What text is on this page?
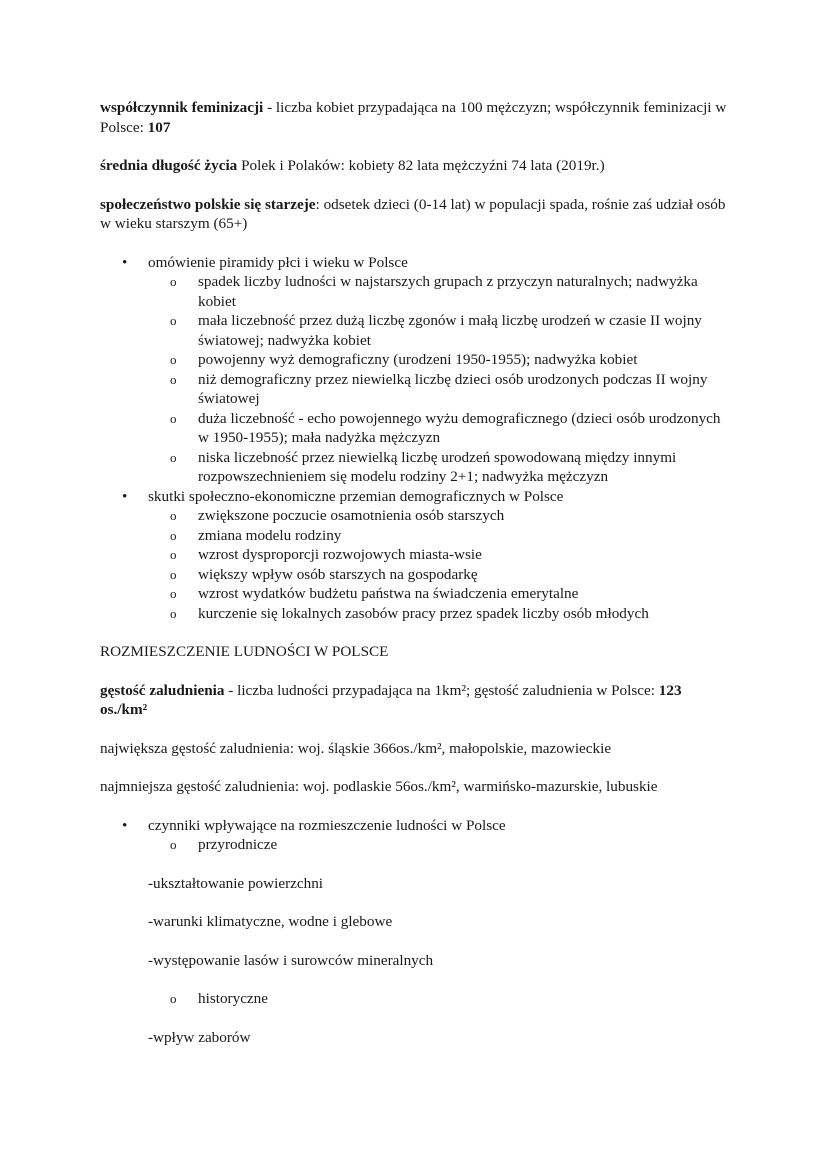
współczynnik feminizacji - liczba kobiet przypadająca na 100 mężczyzn; współczynnik feminizacji w Polsce: 107

średnia długość życia Polek i Polaków: kobiety 82 lata mężczyźni 74 lata (2019r.)

społeczeństwo polskie się starzeje: odsetek dzieci (0-14 lat) w populacji spada, rośnie zaś udział osób w wieku starszym (65+)

• omówienie piramidy płci i wieku w Polsce
o	spadek liczby ludności w najstarszych grupach z przyczyn naturalnych; nadwyżka kobiet
o	mała liczebność przez dużą liczbę zgonów i małą liczbę urodzeń w czasie II wojny światowej; nadwyżka kobiet
o	powojenny wyż demograficzny (urodzeni 1950-1955); nadwyżka kobiet
o	niż demograficzny przez niewielką liczbę dzieci osób urodzonych podczas II wojny światowej
o	duża liczebność - echo powojennego wyżu demograficznego (dzieci osób urodzonych w 1950-1955); mała nadyżka mężczyzn
o	niska liczebność przez niewielką liczbę urodzeń spowodowaną między innymi rozpowszechnieniem się modelu rodziny 2+1; nadwyżka mężczyzn
• skutki społeczno-ekonomiczne przemian demograficznych w Polsce
o	zwiększone poczucie osamotnienia osób starszych
o	zmiana modelu rodziny
o	wzrost dysproporcji rozwojowych miasta-wsie
o	większy wpływ osób starszych na gospodarkę
o	wzrost wydatków budżetu państwa na świadczenia emerytalne
o	kurczenie się lokalnych zasobów pracy przez spadek liczby osób młodych

ROZMIESZCZENIE LUDNOŚCI W POLSCE

gęstość zaludnienia - liczba ludności przypadająca na 1km²; gęstość zaludnienia w Polsce: 123 os./km²

największa gęstość zaludnienia: woj. śląskie 366os./km², małopolskie, mazowieckie

najmniejsza gęstość zaludnienia: woj. podlaskie 56os./km², warmińsko-mazurskie, lubuskie

• czynniki wpływające na rozmieszczenie ludności w Polsce
o	przyrodnicze

-ukształtowanie powierzchni

-warunki klimatyczne, wodne i glebowe

-występowanie lasów i surowców mineralnych

o	historyczne

-wpływ zaborów
